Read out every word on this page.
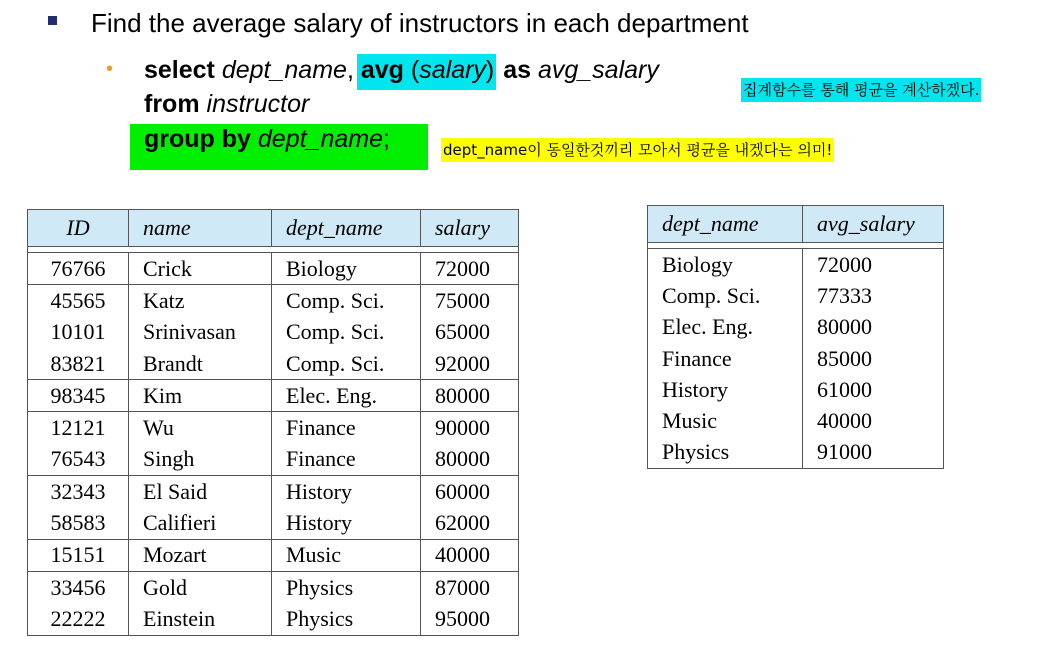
Find the average salary of instructors in each department
• select dept_name, avg (salary) as avg_salary
from instructor
group by dept_name;
집계함수를 통해 평균을 계산하겠다.
dept_name이 동일한것끼리 모아서 평균을 내겠다는 의미!
ID	name	dept_name	salary

76766	Crick	Biology	72000
45565	Katz	Comp. Sci.	75000
10101	Srinivasan	Comp. Sci.	65000
83821	Brandt	Comp. Sci.	92000
98345	Kim	Elec. Eng.	80000
12121	Wu	Finance	90000
76543	Singh	Finance	80000
32343	El Said	History	60000
58583	Califieri	History	62000
15151	Mozart	Music	40000
33456	Gold	Physics	87000
22222	Einstein	Physics	95000
dept_name	avg_salary

Biology	72000
Comp. Sci.	77333
Elec. Eng.	80000
Finance	85000
History	61000
Music	40000
Physics	91000
